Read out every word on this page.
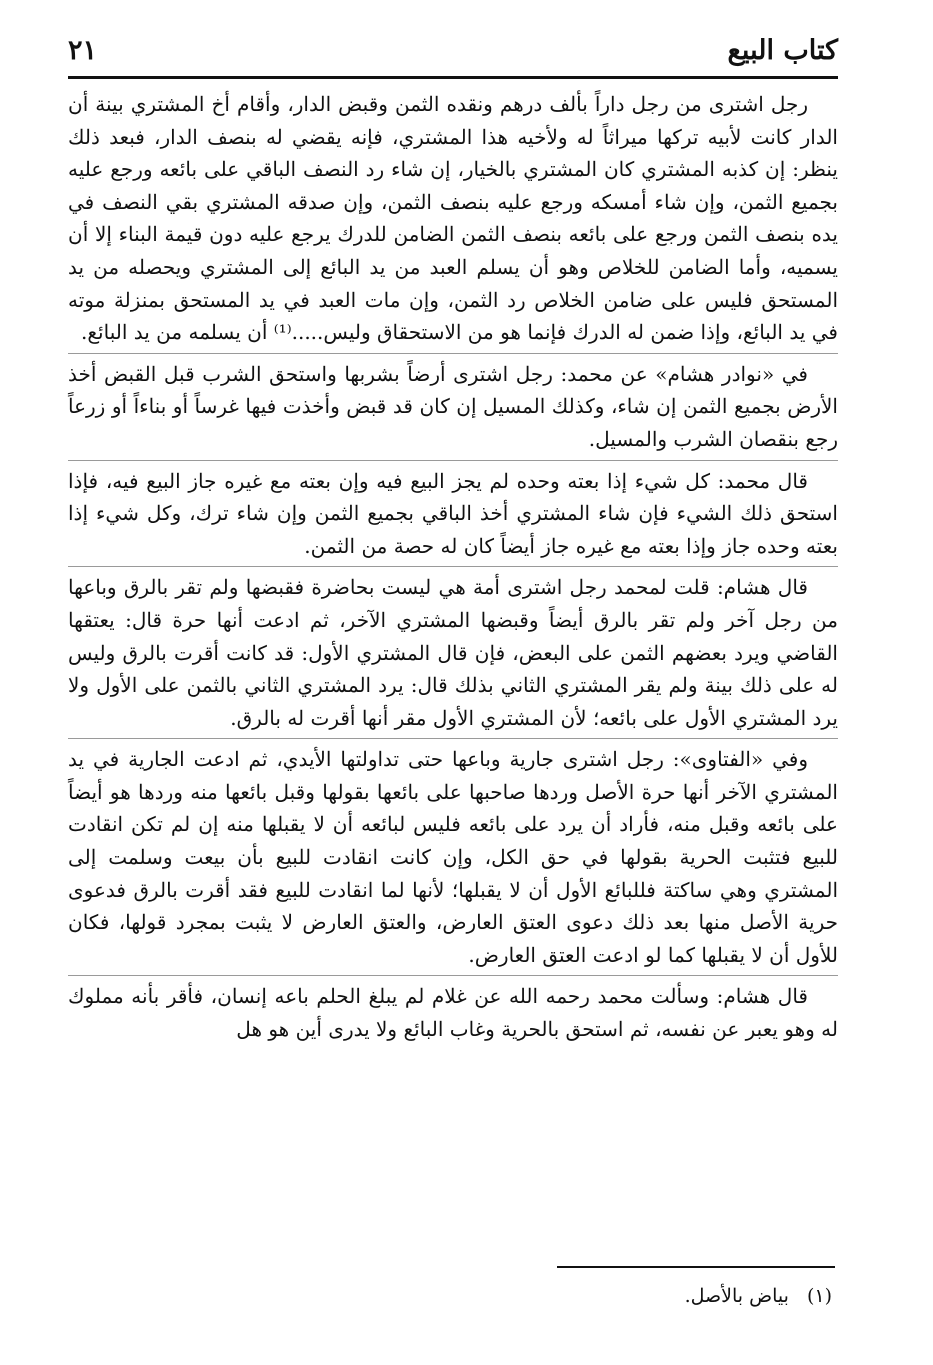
كتاب البيع
٢١

رجل اشترى من رجل داراً بألف درهم ونقده الثمن وقبض الدار، وأقام أخ المشتري بينة أن الدار كانت لأبيه تركها ميراثاً له ولأخيه هذا المشتري، فإنه يقضي له بنصف الدار، فبعد ذلك ينظر: إن كذبه المشتري كان المشتري بالخيار، إن شاء رد النصف الباقي على بائعه ورجع عليه بجميع الثمن، وإن شاء أمسكه ورجع عليه بنصف الثمن، وإن صدقه المشتري بقي النصف في يده بنصف الثمن ورجع على بائعه بنصف الثمن الضامن للدرك يرجع عليه دون قيمة البناء إلا أن يسميه، وأما الضامن للخلاص وهو أن يسلم العبد من يد البائع إلى المشتري ويحصله من يد المستحق فليس على ضامن الخلاص رد الثمن، وإن مات العبد في يد المستحق بمنزلة موته في يد البائع، وإذا ضمن له الدرك فإنما هو من الاستحقاق وليس.....⁽¹⁾ أن يسلمه من يد البائع.

في «نوادر هشام» عن محمد: رجل اشترى أرضاً بشربها واستحق الشرب قبل القبض أخذ الأرض بجميع الثمن إن شاء، وكذلك المسيل إن كان قد قبض وأخذت فيها غرساً أو بناءاً أو زرعاً رجع بنقصان الشرب والمسيل.

قال محمد: كل شيء إذا بعته وحده لم يجز البيع فيه وإن بعته مع غيره جاز البيع فيه، فإذا استحق ذلك الشيء فإن شاء المشتري أخذ الباقي بجميع الثمن وإن شاء ترك، وكل شيء إذا بعته وحده جاز وإذا بعته مع غيره جاز أيضاً كان له حصة من الثمن.

قال هشام: قلت لمحمد رجل اشترى أمة هي ليست بحاضرة فقبضها ولم تقر بالرق وباعها من رجل آخر ولم تقر بالرق أيضاً وقبضها المشتري الآخر، ثم ادعت أنها حرة قال: يعتقها القاضي ويرد بعضهم الثمن على البعض، فإن قال المشتري الأول: قد كانت أقرت بالرق وليس له على ذلك بينة ولم يقر المشتري الثاني بذلك قال: يرد المشتري الثاني بالثمن على الأول ولا يرد المشتري الأول على بائعه؛ لأن المشتري الأول مقر أنها أقرت له بالرق.

وفي «الفتاوى»: رجل اشترى جارية وباعها حتى تداولتها الأيدي، ثم ادعت الجارية في يد المشتري الآخر أنها حرة الأصل وردها صاحبها على بائعها بقولها وقبل بائعها منه وردها هو أيضاً على بائعه وقبل منه، فأراد أن يرد على بائعه فليس لبائعه أن لا يقبلها منه إن لم تكن انقادت للبيع فتثبت الحرية بقولها في حق الكل، وإن كانت انقادت للبيع بأن بيعت وسلمت إلى المشتري وهي ساكتة فللبائع الأول أن لا يقبلها؛ لأنها لما انقادت للبيع فقد أقرت بالرق فدعوى حرية الأصل منها بعد ذلك دعوى العتق العارض، والعتق العارض لا يثبت بمجرد قولها، فكان للأول أن لا يقبلها كما لو ادعت العتق العارض.

قال هشام: وسألت محمد رحمه الله عن غلام لم يبلغ الحلم باعه إنسان، فأقر بأنه مملوك له وهو يعبر عن نفسه، ثم استحق بالحرية وغاب البائع ولا يدرى أين هو هل

(١) بياض بالأصل.
